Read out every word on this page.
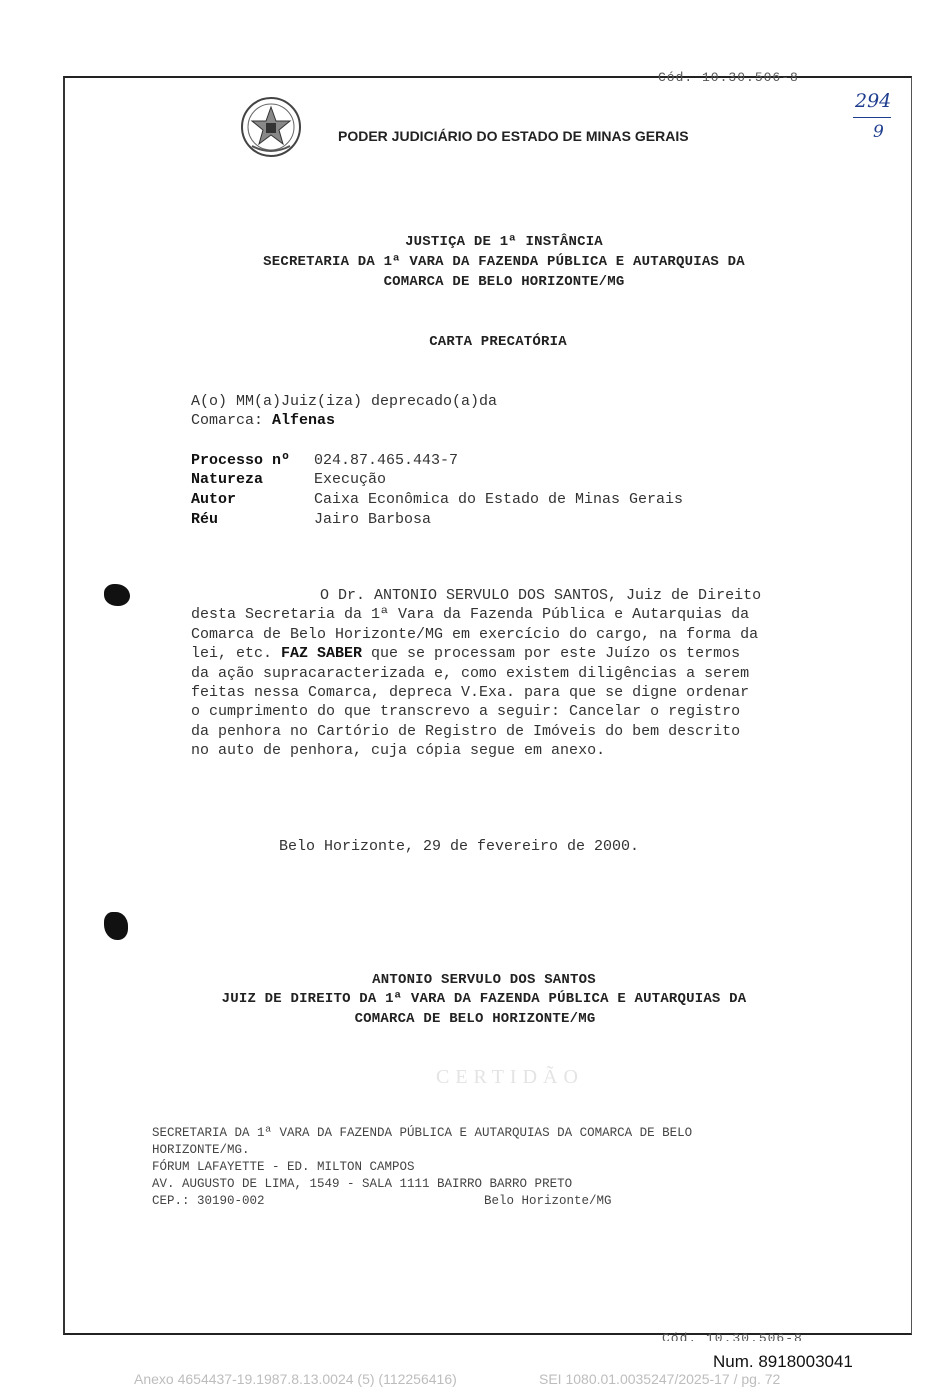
Cód. 10.30.506-8
PODER JUDICIÁRIO DO ESTADO DE MINAS GERAIS
294
9
JUSTIÇA DE 1ª INSTÂNCIA
SECRETARIA DA 1ª VARA DA FAZENDA PÚBLICA E AUTARQUIAS DA
COMARCA DE BELO HORIZONTE/MG
CARTA PRECATÓRIA
A(o) MM(a)Juiz(iza) deprecado(a)da
Comarca: Alfenas
Processo nº 024.87.465.443-7
Natureza	Execução
Autor	Caixa Econômica do Estado de Minas Gerais
Réu	Jairo Barbosa
O Dr. ANTONIO SERVULO DOS SANTOS, Juiz de Direito
desta Secretaria da 1ª Vara da Fazenda Pública e Autarquias da
Comarca de Belo Horizonte/MG em exercício do cargo, na forma da
lei, etc. FAZ SABER que se processam por este Juízo os termos
da ação supracaracterizada e, como existem diligências a serem
feitas nessa Comarca, depreca V.Exa. para que se digne ordenar
o cumprimento do que transcrevo a seguir: Cancelar o registro
da penhora no Cartório de Registro de Imóveis do bem descrito
no auto de penhora, cuja cópia segue em anexo.
Belo Horizonte, 29 de fevereiro de 2000.
ANTONIO SERVULO DOS SANTOS
JUIZ DE DIREITO DA 1ª VARA DA FAZENDA PÚBLICA E AUTARQUIAS DA
COMARCA DE BELO HORIZONTE/MG
CERTIDÃO
SECRETARIA DA 1ª VARA DA FAZENDA PÚBLICA E AUTARQUIAS DA COMARCA DE BELO
HORIZONTE/MG.
FÓRUM LAFAYETTE - ED. MILTON CAMPOS
AV. AUGUSTO DE LIMA, 1549 - SALA 1111 BAIRRO BARRO PRETO
CEP.: 30190-002	Belo Horizonte/MG
Cód. 10.30.506-8
Num. 8918003041
Anexo 4654437-19.1987.8.13.0024 (5) (112256416)	SEI 1080.01.0035247/2025-17 / pg. 72
